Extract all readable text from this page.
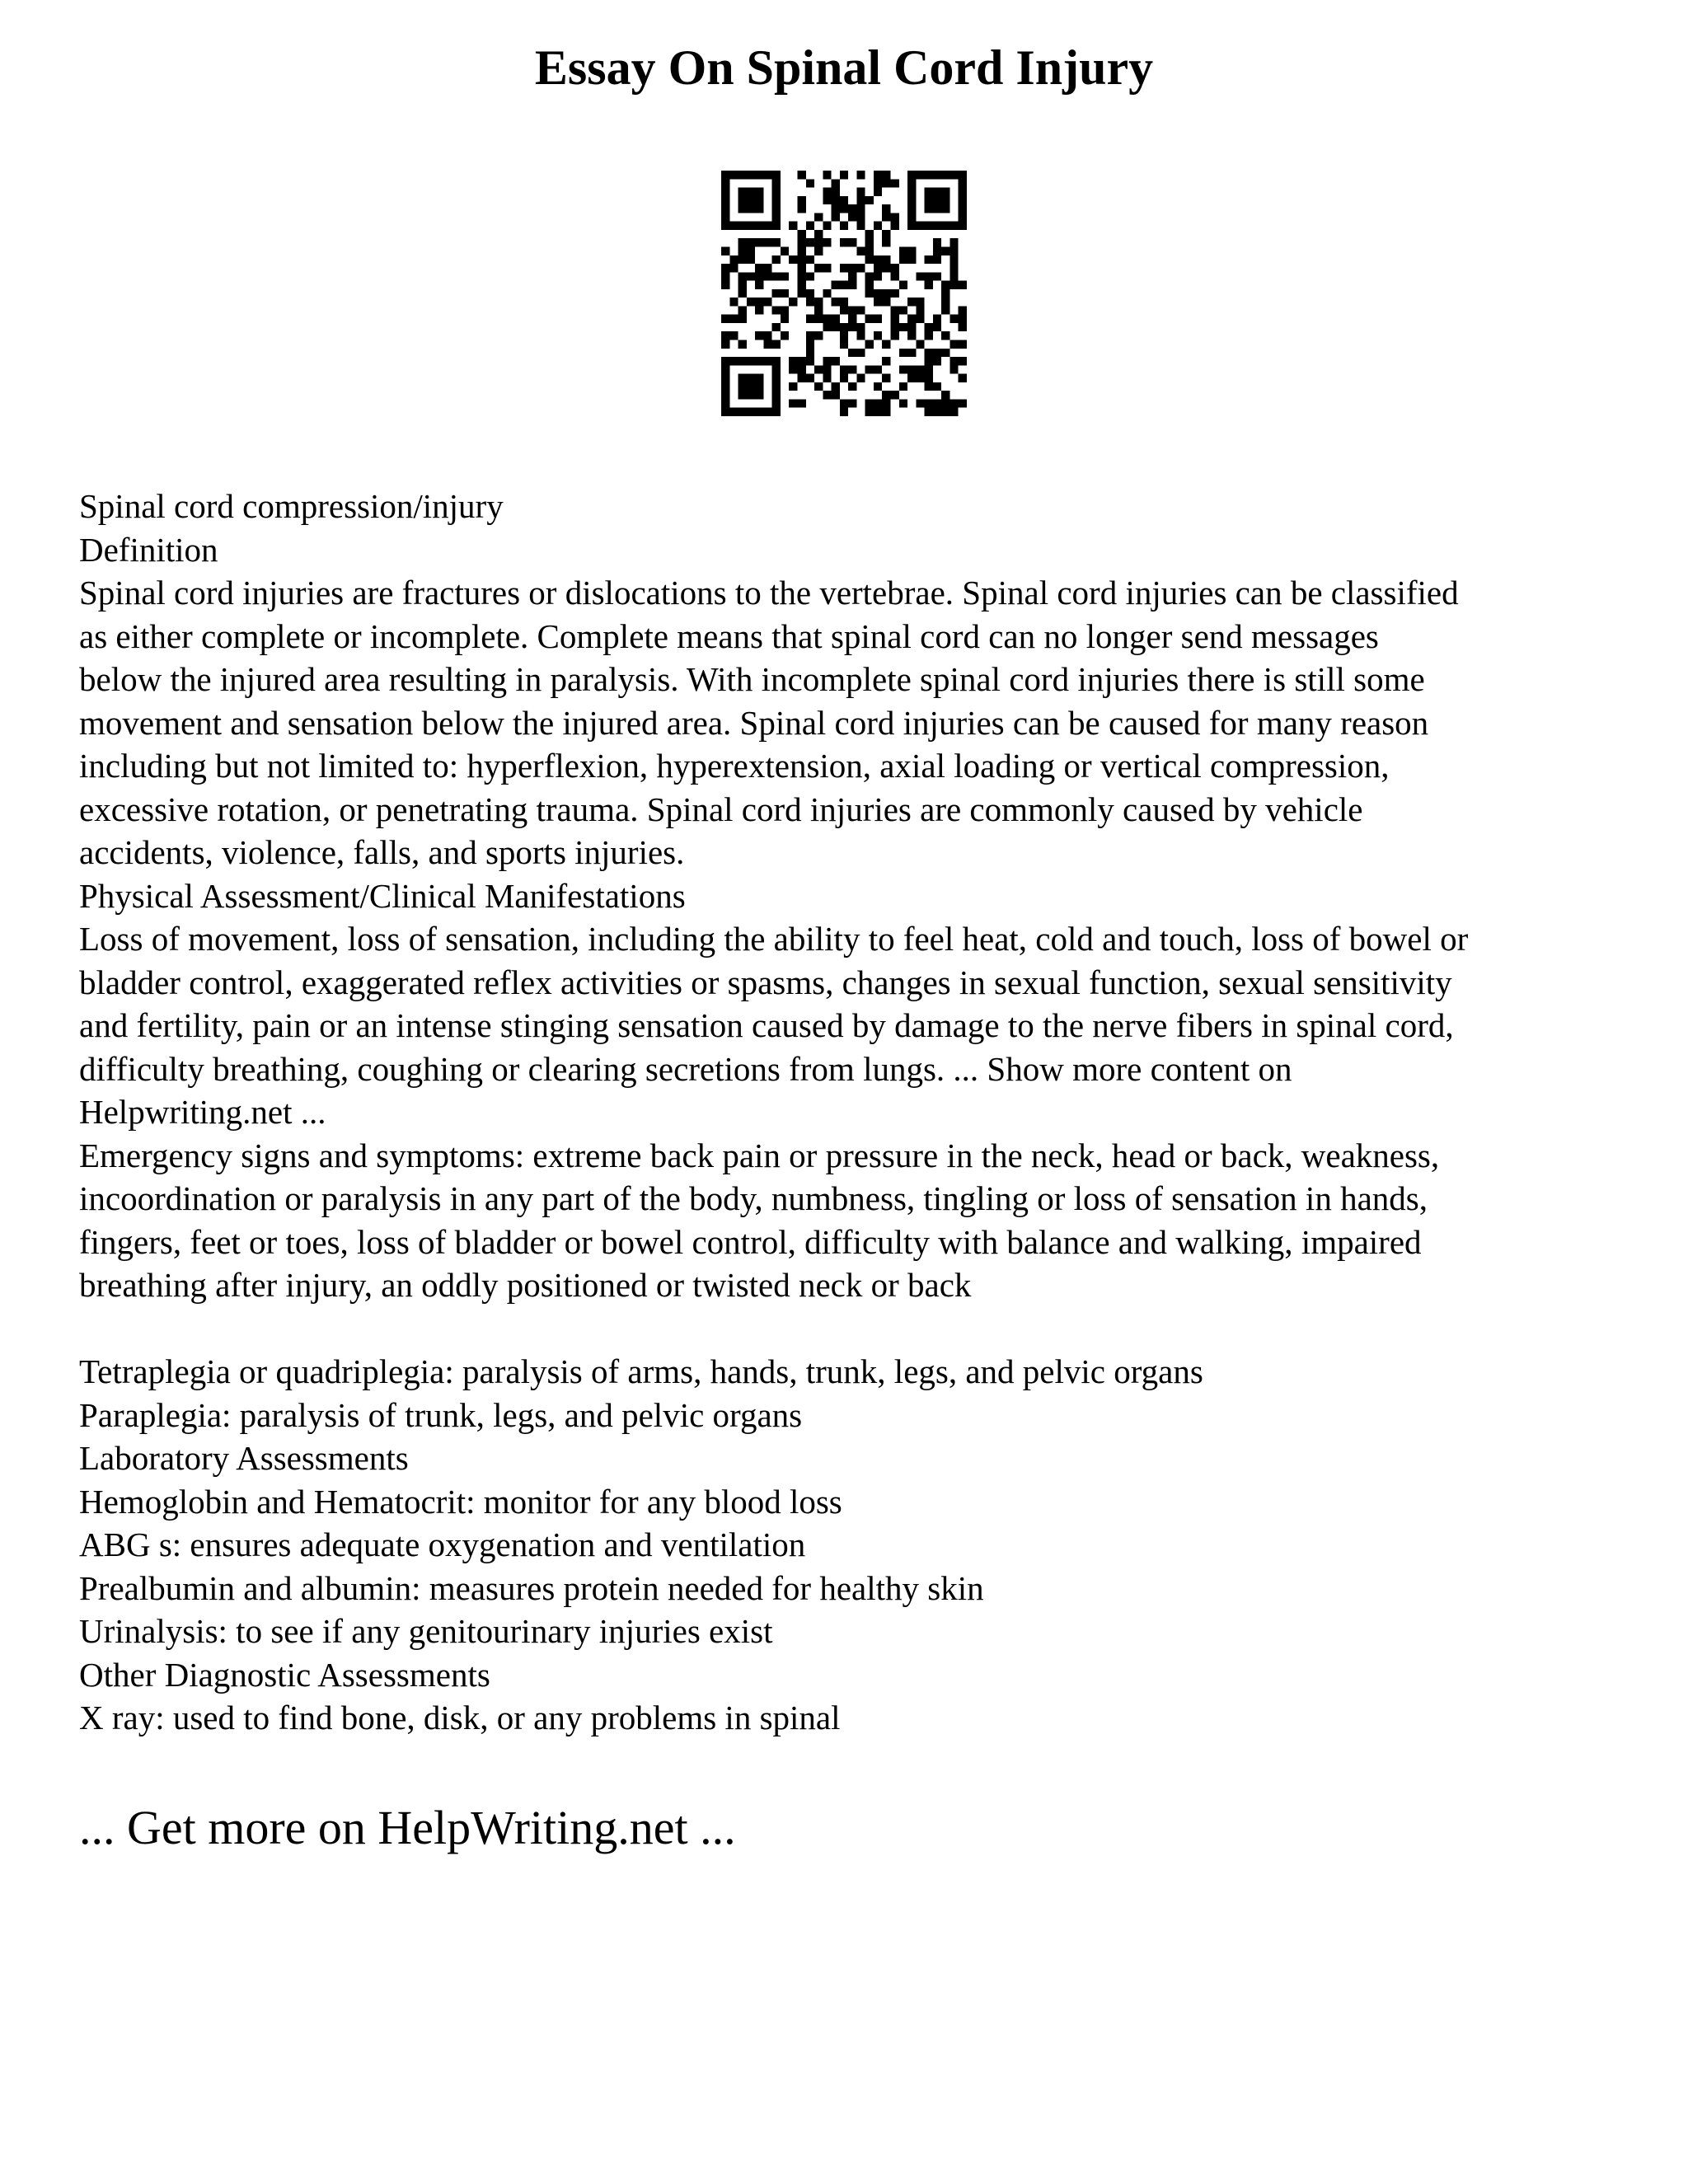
Essay On Spinal Cord Injury
Spinal cord compression/injury
Definition
Spinal cord injuries are fractures or dislocations to the vertebrae. Spinal cord injuries can be classified
as either complete or incomplete. Complete means that spinal cord can no longer send messages
below the injured area resulting in paralysis. With incomplete spinal cord injuries there is still some
movement and sensation below the injured area. Spinal cord injuries can be caused for many reason
including but not limited to: hyperflexion, hyperextension, axial loading or vertical compression,
excessive rotation, or penetrating trauma. Spinal cord injuries are commonly caused by vehicle
accidents, violence, falls, and sports injuries.
Physical Assessment/Clinical Manifestations
Loss of movement, loss of sensation, including the ability to feel heat, cold and touch, loss of bowel or
bladder control, exaggerated reflex activities or spasms, changes in sexual function, sexual sensitivity
and fertility, pain or an intense stinging sensation caused by damage to the nerve fibers in spinal cord,
difficulty breathing, coughing or clearing secretions from lungs. ... Show more content on
Helpwriting.net ...
Emergency signs and symptoms: extreme back pain or pressure in the neck, head or back, weakness,
incoordination or paralysis in any part of the body, numbness, tingling or loss of sensation in hands,
fingers, feet or toes, loss of bladder or bowel control, difficulty with balance and walking, impaired
breathing after injury, an oddly positioned or twisted neck or back
Tetraplegia or quadriplegia: paralysis of arms, hands, trunk, legs, and pelvic organs
Paraplegia: paralysis of trunk, legs, and pelvic organs
Laboratory Assessments
Hemoglobin and Hematocrit: monitor for any blood loss
ABG s: ensures adequate oxygenation and ventilation
Prealbumin and albumin: measures protein needed for healthy skin
Urinalysis: to see if any genitourinary injuries exist
Other Diagnostic Assessments
X ray: used to find bone, disk, or any problems in spinal
... Get more on HelpWriting.net ...
